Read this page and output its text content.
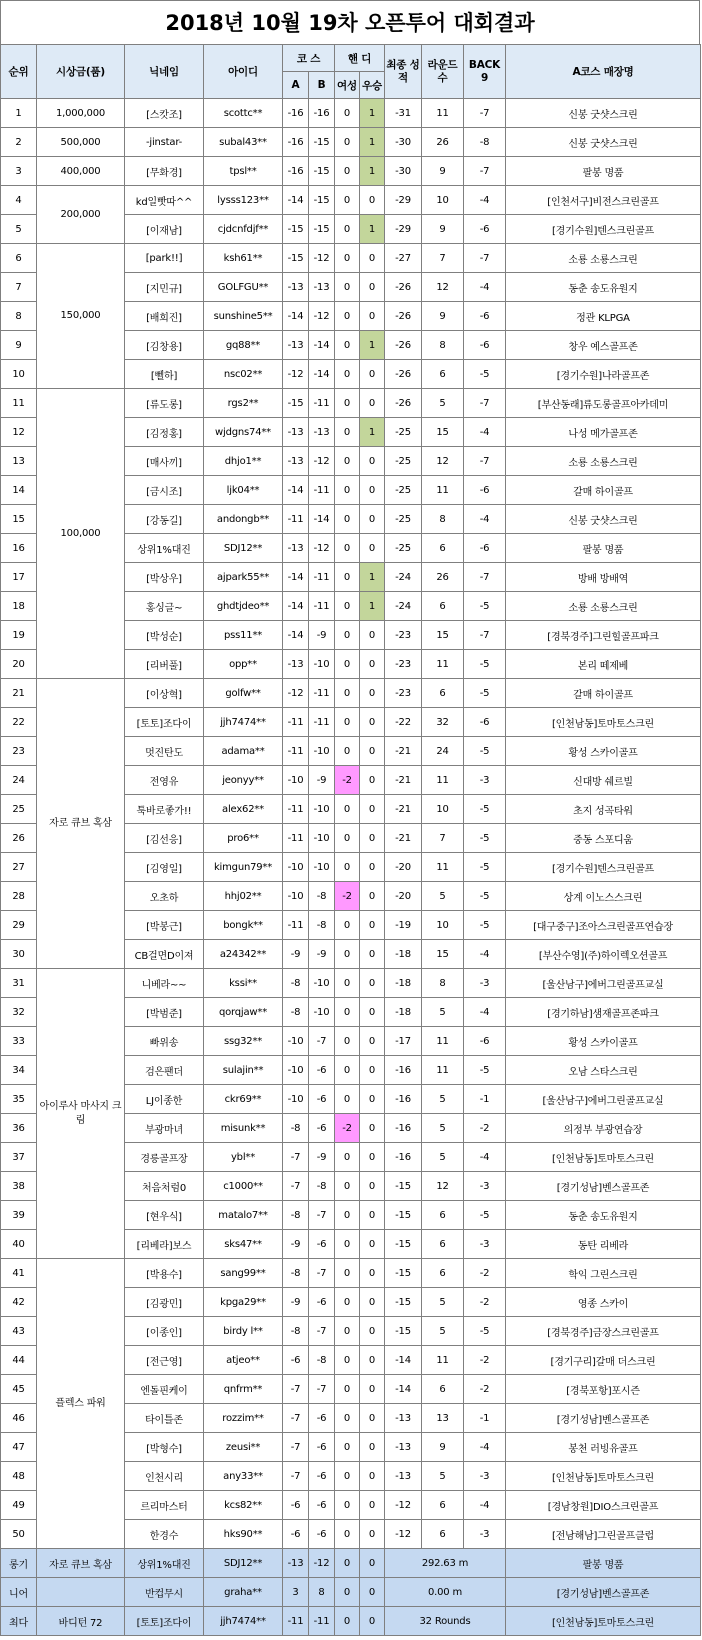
2018년 10월 19차 오픈투어 대회결과
순위	시상금(품)	닉네임	아이디	코 스		핸 디		최종 성적	라운드 수	BACK 9	A코스 매장명
				A	B	여성	우승				
1	1,000,000	[스캇조]	scottc**	-16	-16	0	1	-31	11	-7	신봉 굿샷스크린
2	500,000	-jinstar-	subal43**	-16	-15	0	1	-30	26	-8	신봉 굿샷스크린
3	400,000	[무화경]	tpsl**	-16	-15	0	1	-30	9	-7	팔봉 명품
4	200,000	kd일빳따^^	lysss123**	-14	-15	0	0	-29	10	-4	[인천서구]비전스크린골프
5		[이재남]	cjdcnfdjf**	-15	-15	0	1	-29	9	-6	[경기수원]텐스크린골프
6	150,000	[park!!]	ksh61**	-15	-12	0	0	-27	7	-7	소룡 소룡스크린
7		[지민규]	GOLFGU**	-13	-13	0	0	-26	12	-4	동춘 송도유원지
8		[배희진]	sunshine5**	-14	-12	0	0	-26	9	-6	정관 KLPGA
9		[김창용]	gq88**	-13	-14	0	1	-26	8	-6	창우 예스골프존
10		[뻴하]	nsc02**	-12	-14	0	0	-26	6	-5	[경기수원]나라골프존
11	100,000	[류도롱]	rgs2**	-15	-11	0	0	-26	5	-7	[부산동래]류도롱골프아카데미
12		[김정홍]	wjdgns74**	-13	-13	0	1	-25	15	-4	나성 메가골프존
13		[매사끼]	dhjo1**	-13	-12	0	0	-25	12	-7	소룡 소룡스크린
14		[금시조]	ljk04**	-14	-11	0	0	-25	11	-6	갈매 하이골프
15		[강동길]	andongb**	-11	-14	0	0	-25	8	-4	신봉 굿샷스크린
16		상위1%대진	SDJ12**	-13	-12	0	0	-25	6	-6	팔봉 명품
17		[박상우]	ajpark55**	-14	-11	0	1	-24	26	-7	방배 방배역
18		홍싱글~	ghdtjdeo**	-14	-11	0	1	-24	6	-5	소룡 소룡스크린
19		[박성순]	pss11**	-14	-9	0	0	-23	15	-7	[경북경주]그린힐골프파크
20		[리버풀]	opp**	-13	-10	0	0	-23	11	-5	본리 떼제베
21	자로 큐브 혹삼	[이상혁]	golfw**	-12	-11	0	0	-23	6	-5	갈매 하이골프
22		[토토]조다이	jjh7474**	-11	-11	0	0	-22	32	-6	[인천남동]토마토스크린
23		멋진탄도	adama**	-11	-10	0	0	-21	24	-5	황성 스카이골프
24		전영유	jeonyy**	-10	-9	-2	0	-21	11	-3	신대방 쉐르빌
25		툭바로좋가!!	alex62**	-11	-10	0	0	-21	10	-5	초지 성곡타워
26		[김선응]	pro6**	-11	-10	0	0	-21	7	-5	중동 스포디움
27		[김영일]	kimgun79**	-10	-10	0	0	-20	11	-5	[경기수원]텐스크린골프
28		오초하	hhj02**	-10	-8	-2	0	-20	5	-5	상계 이노스스크린
29		[박봉근]	bongk**	-11	-8	0	0	-19	10	-5	[대구중구]조아스크린골프연습장
30		CB걸면D이져	a24342**	-9	-9	0	0	-18	15	-4	[부산수영](주)하이렉오션골프
31	아이루사 마사지 크림	니베라~~	kssi**	-8	-10	0	0	-18	8	-3	[울산남구]에버그린골프교실
32		[박범준]	qorqjaw**	-8	-10	0	0	-18	5	-4	[경기하남]샘재골프존파크
33		빠위송	ssg32**	-10	-7	0	0	-17	11	-6	황성 스카이골프
34		검은팬더	sulajin**	-10	-6	0	0	-16	11	-5	오남 스타스크린
35		LJ이종한	ckr69**	-10	-6	0	0	-16	5	-1	[울산남구]에버그린골프교실
36		부광마녀	misunk**	-8	-6	-2	0	-16	5	-2	의정부 부광연습장
37		경릉골프장	ybl**	-7	-9	0	0	-16	5	-4	[인천남동]토마토스크린
38		처음처럼0	c1000**	-7	-8	0	0	-15	12	-3	[경기성남]벤스골프존
39		[현우식]	matalo7**	-8	-7	0	0	-15	6	-5	동춘 송도유원지
40		[리베라]보스	sks47**	-9	-6	0	0	-15	6	-3	동탄 리베라
41	플렉스 파워	[박용수]	sang99**	-8	-7	0	0	-15	6	-2	학익 그린스크린
42		[김광민]	kpga29**	-9	-6	0	0	-15	5	-2	영종 스카이
43		[이종인]	birdy l**	-8	-7	0	0	-15	5	-5	[경북경주]금장스크린골프
44		[전근영]	atjeo**	-6	-8	0	0	-14	11	-2	[경기구리]갈매 더스크린
45		엔돌핀케이	qnfrm**	-7	-7	0	0	-14	6	-2	[경북포항]포시즌
46		타이틀존	rozzim**	-7	-6	0	0	-13	13	-1	[경기성남]벤스골프존
47		[박형수]	zeusi**	-7	-6	0	0	-13	9	-4	봉천 러빙유골프
48		인천시리	any33**	-7	-6	0	0	-13	5	-3	[인천남동]토마토스크린
49		르리마스터	kcs82**	-6	-6	0	0	-12	6	-4	[경남창원]DIO스크린골프
50		한경수	hks90**	-6	-6	0	0	-12	6	-3	[전남해남]그린골프클럽
롱기	자로 큐브 혹삼	상위1%대진	SDJ12**	-13	-12	0	0	292.63 m			팔봉 명품
니어		반컵무시	graha**	3	8	0	0	0.00 m			[경기성남]벤스골프존
최다	바디턴 72	[토토]조다이	jjh7474**	-11	-11	0	0	32 Rounds			[인천남동]토마토스크린
